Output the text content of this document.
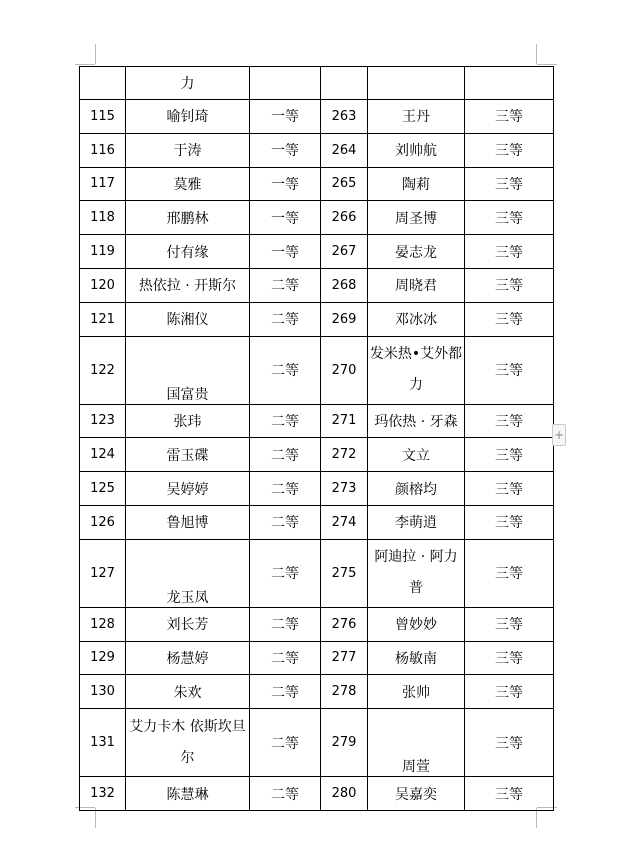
	力				
115	喻钊琦	一等	263	王丹	三等
116	于涛	一等	264	刘帅航	三等
117	莫雅	一等	265	陶莉	三等
118	邢鹏林	一等	266	周圣博	三等
119	付有缘	一等	267	晏志龙	三等
120	热依拉 · 开斯尔	二等	268	周晓君	三等
121	陈湘仪	二等	269	邓冰冰	三等
122	国富贵	二等	270	发米热•艾外都力	三等
123	张玮	二等	271	玛依热 · 牙森	三等
124	雷玉碟	二等	272	文立	三等
125	吴婷婷	二等	273	颜榕均	三等
126	鲁旭博	二等	274	李萌逍	三等
127	龙玉凤	二等	275	阿迪拉 · 阿力普	三等
128	刘长芳	二等	276	曾妙妙	三等
129	杨慧婷	二等	277	杨敏南	三等
130	朱欢	二等	278	张帅	三等
131	艾力卡木 依斯坎旦尔	二等	279	周萱	三等
132	陈慧琳	二等	280	吴嘉奕	三等
+
